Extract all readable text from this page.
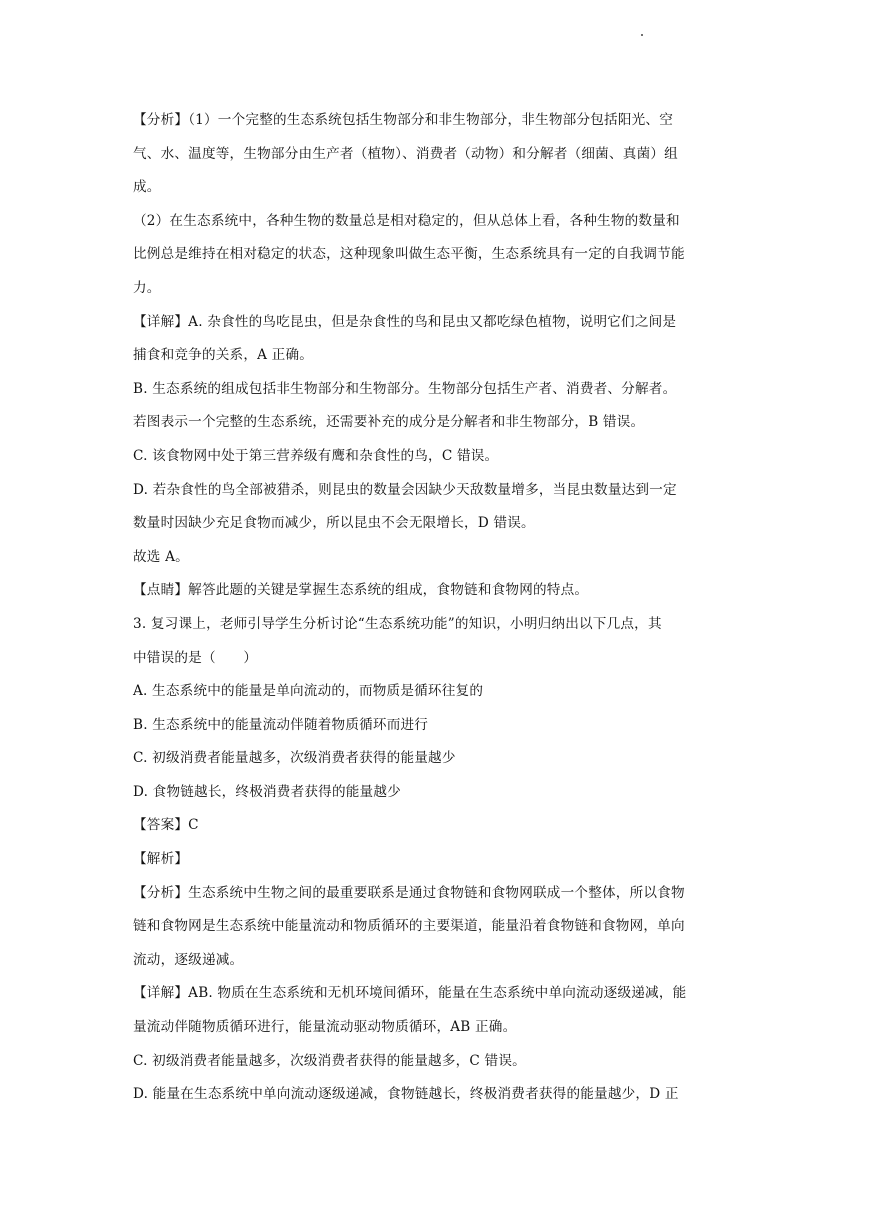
【分析】（1）一个完整的生态系统包括生物部分和非生物部分，非生物部分包括阳光、空
气、水、温度等，生物部分由生产者（植物）、消费者（动物）和分解者（细菌、真菌）组
成。
（2）在生态系统中，各种生物的数量总是相对稳定的，但从总体上看，各种生物的数量和
比例总是维持在相对稳定的状态，这种现象叫做生态平衡，生态系统具有一定的自我调节能
力。
【详解】A. 杂食性的鸟吃昆虫，但是杂食性的鸟和昆虫又都吃绿色植物，说明它们之间是
捕食和竞争的关系，A 正确。
B. 生态系统的组成包括非生物部分和生物部分。生物部分包括生产者、消费者、分解者。
若图表示一个完整的生态系统，还需要补充的成分是分解者和非生物部分，B 错误。
C. 该食物网中处于第三营养级有鹰和杂食性的鸟，C 错误。
D. 若杂食性的鸟全部被猎杀，则昆虫的数量会因缺少天敌数量增多，当昆虫数量达到一定
数量时因缺少充足食物而减少，所以昆虫不会无限增长，D 错误。
故选 A。
【点睛】解答此题的关键是掌握生态系统的组成，食物链和食物网的特点。
3. 复习课上，老师引导学生分析讨论“生态系统功能”的知识，小明归纳出以下几点，其
中错误的是（　　）
A. 生态系统中的能量是单向流动的，而物质是循环往复的
B. 生态系统中的能量流动伴随着物质循环而进行
C. 初级消费者能量越多，次级消费者获得的能量越少
D. 食物链越长，终极消费者获得的能量越少
【答案】C
【解析】
【分析】生态系统中生物之间的最重要联系是通过食物链和食物网联成一个整体，所以食物
链和食物网是生态系统中能量流动和物质循环的主要渠道，能量沿着食物链和食物网，单向
流动，逐级递减。
【详解】AB. 物质在生态系统和无机环境间循环，能量在生态系统中单向流动逐级递减，能
量流动伴随物质循环进行，能量流动驱动物质循环，AB 正确。
C. 初级消费者能量越多，次级消费者获得的能量越多，C 错误。
D. 能量在生态系统中单向流动逐级递减，食物链越长，终极消费者获得的能量越少，D 正
